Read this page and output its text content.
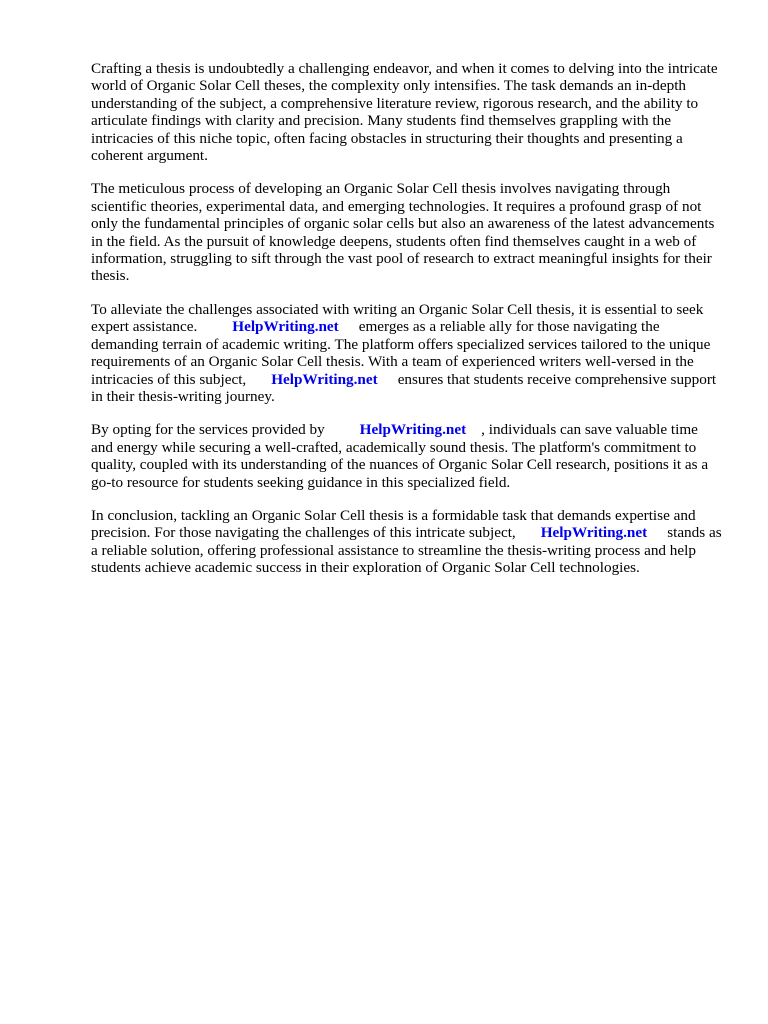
Crafting a thesis is undoubtedly a challenging endeavor, and when it comes to delving into the intricate world of Organic Solar Cell theses, the complexity only intensifies. The task demands an in-depth understanding of the subject, a comprehensive literature review, rigorous research, and the ability to articulate findings with clarity and precision. Many students find themselves grappling with the intricacies of this niche topic, often facing obstacles in structuring their thoughts and presenting a coherent argument.

The meticulous process of developing an Organic Solar Cell thesis involves navigating through scientific theories, experimental data, and emerging technologies. It requires a profound grasp of not only the fundamental principles of organic solar cells but also an awareness of the latest advancements in the field. As the pursuit of knowledge deepens, students often find themselves caught in a web of information, struggling to sift through the vast pool of research to extract meaningful insights for their thesis.

To alleviate the challenges associated with writing an Organic Solar Cell thesis, it is essential to seek expert assistance. HelpWriting.net emerges as a reliable ally for those navigating the demanding terrain of academic writing. The platform offers specialized services tailored to the unique requirements of an Organic Solar Cell thesis. With a team of experienced writers well-versed in the intricacies of this subject, HelpWriting.net ensures that students receive comprehensive support in their thesis-writing journey.

By opting for the services provided by HelpWriting.net , individuals can save valuable time and energy while securing a well-crafted, academically sound thesis. The platform's commitment to quality, coupled with its understanding of the nuances of Organic Solar Cell research, positions it as a go-to resource for students seeking guidance in this specialized field.

In conclusion, tackling an Organic Solar Cell thesis is a formidable task that demands expertise and precision. For those navigating the challenges of this intricate subject, HelpWriting.net stands as a reliable solution, offering professional assistance to streamline the thesis-writing process and help students achieve academic success in their exploration of Organic Solar Cell technologies.
